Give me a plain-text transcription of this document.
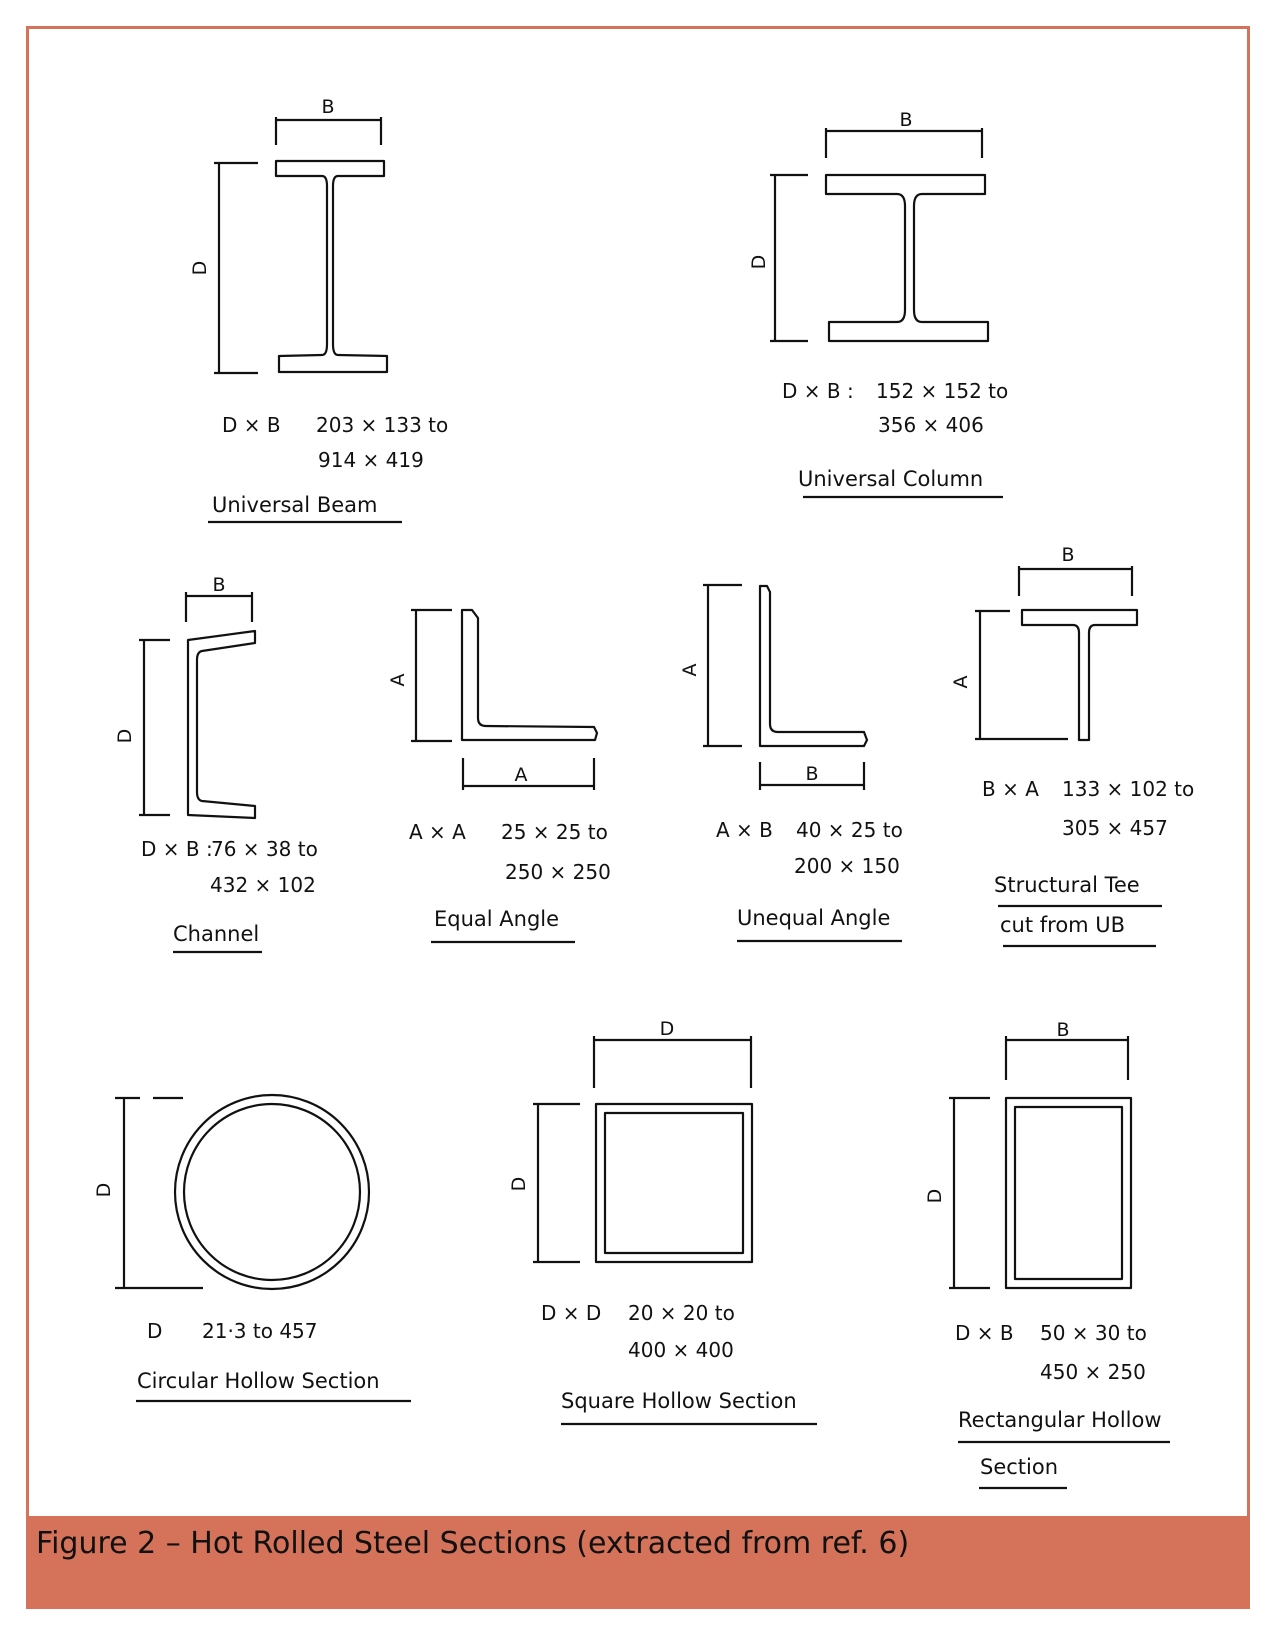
B
D
B
D
B
D
A
A
B
A
B
A
D
D
D
B
D
D × B 203 × 133 to
914 × 419
Universal Beam
D × B : 152 × 152 to
356 × 406
Universal Column
D × B :
76 × 38 to
432 × 102
Channel
A × A 25 × 25 to
250 × 250
Equal Angle
A × B 40 × 25 to
200 × 150
Unequal Angle
B × A 133 × 102 to
305 × 457
Structural Tee
cut from UB
D 21·3 to 457
Circular Hollow Section
D × D 20 × 20 to
400 × 400
Square Hollow Section
D × B 50 × 30 to
450 × 250
Rectangular Hollow
Section

Figure 2 – Hot Rolled Steel Sections (extracted from ref. 6)
